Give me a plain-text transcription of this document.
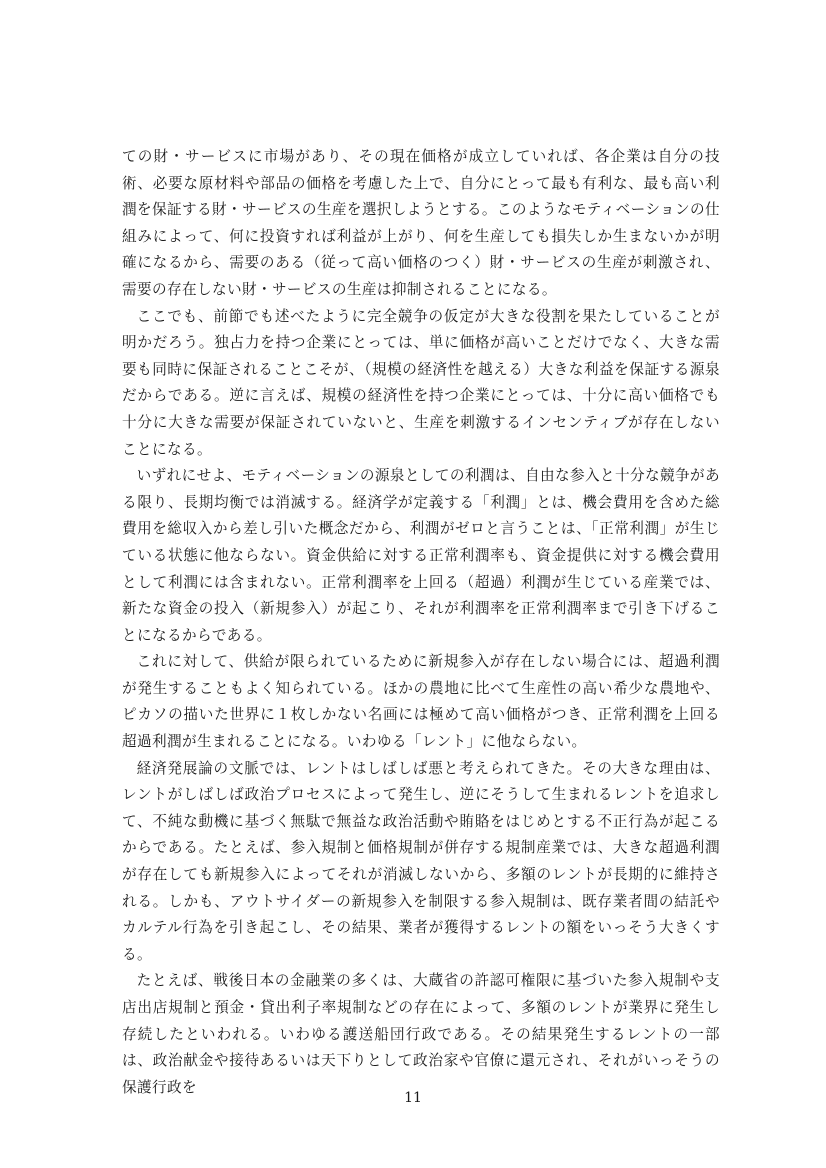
ての財・サービスに市場があり、その現在価格が成立していれば、各企業は自分の技術、必要な原材料や部品の価格を考慮した上で、自分にとって最も有利な、最も高い利潤を保証する財・サービスの生産を選択しようとする。このようなモティベーションの仕組みによって、何に投資すれば利益が上がり、何を生産しても損失しか生まないかが明確になるから、需要のある（従って高い価格のつく）財・サービスの生産が刺激され、需要の存在しない財・サービスの生産は抑制されることになる。

ここでも、前節でも述べたように完全競争の仮定が大きな役割を果たしていることが明かだろう。独占力を持つ企業にとっては、単に価格が高いことだけでなく、大きな需要も同時に保証されることこそが、（規模の経済性を越える）大きな利益を保証する源泉だからである。逆に言えば、規模の経済性を持つ企業にとっては、十分に高い価格でも十分に大きな需要が保証されていないと、生産を刺激するインセンティブが存在しないことになる。

いずれにせよ、モティベーションの源泉としての利潤は、自由な参入と十分な競争がある限り、長期均衡では消滅する。経済学が定義する「利潤」とは、機会費用を含めた総費用を総収入から差し引いた概念だから、利潤がゼロと言うことは、「正常利潤」が生じている状態に他ならない。資金供給に対する正常利潤率も、資金提供に対する機会費用として利潤には含まれない。正常利潤率を上回る（超過）利潤が生じている産業では、新たな資金の投入（新規参入）が起こり、それが利潤率を正常利潤率まで引き下げることになるからである。

これに対して、供給が限られているために新規参入が存在しない場合には、超過利潤が発生することもよく知られている。ほかの農地に比べて生産性の高い希少な農地や、ピカソの描いた世界に１枚しかない名画には極めて高い価格がつき、正常利潤を上回る超過利潤が生まれることになる。いわゆる「レント」に他ならない。

経済発展論の文脈では、レントはしばしば悪と考えられてきた。その大きな理由は、レントがしばしば政治プロセスによって発生し、逆にそうして生まれるレントを追求して、不純な動機に基づく無駄で無益な政治活動や賄賂をはじめとする不正行為が起こるからである。たとえば、参入規制と価格規制が併存する規制産業では、大きな超過利潤が存在しても新規参入によってそれが消滅しないから、多額のレントが長期的に維持される。しかも、アウトサイダーの新規参入を制限する参入規制は、既存業者間の結託やカルテル行為を引き起こし、その結果、業者が獲得するレントの額をいっそう大きくする。

たとえば、戦後日本の金融業の多くは、大蔵省の許認可権限に基づいた参入規制や支店出店規制と預金・貸出利子率規制などの存在によって、多額のレントが業界に発生し存続したといわれる。いわゆる護送船団行政である。その結果発生するレントの一部は、政治献金や接待あるいは天下りとして政治家や官僚に還元され、それがいっそうの保護行政を

11
